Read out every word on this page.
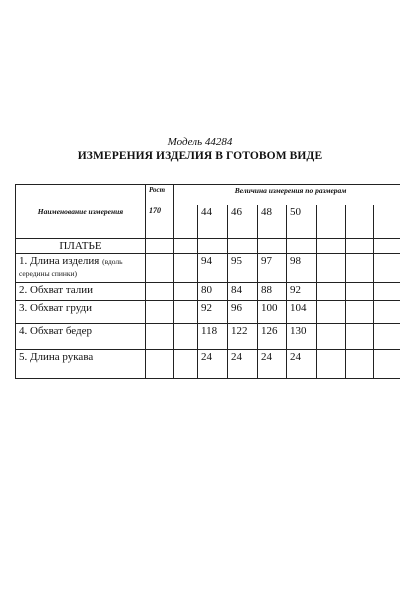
Модель 44284
ИЗМЕРЕНИЯ ИЗДЕЛИЯ В ГОТОВОМ ВИДЕ
Наименование измерения	Рост	Величина измерения по размерам							
	170		44	46	48	50			
ПЛАТЬЕ									
1. Длина изделия (вдоль середины спинки)			94	95	97	98			
2. Обхват талии			80	84	88	92			
3. Обхват груди			92	96	100	104			
4. Обхват бедер			118	122	126	130			
5. Длина рукава			24	24	24	24			
